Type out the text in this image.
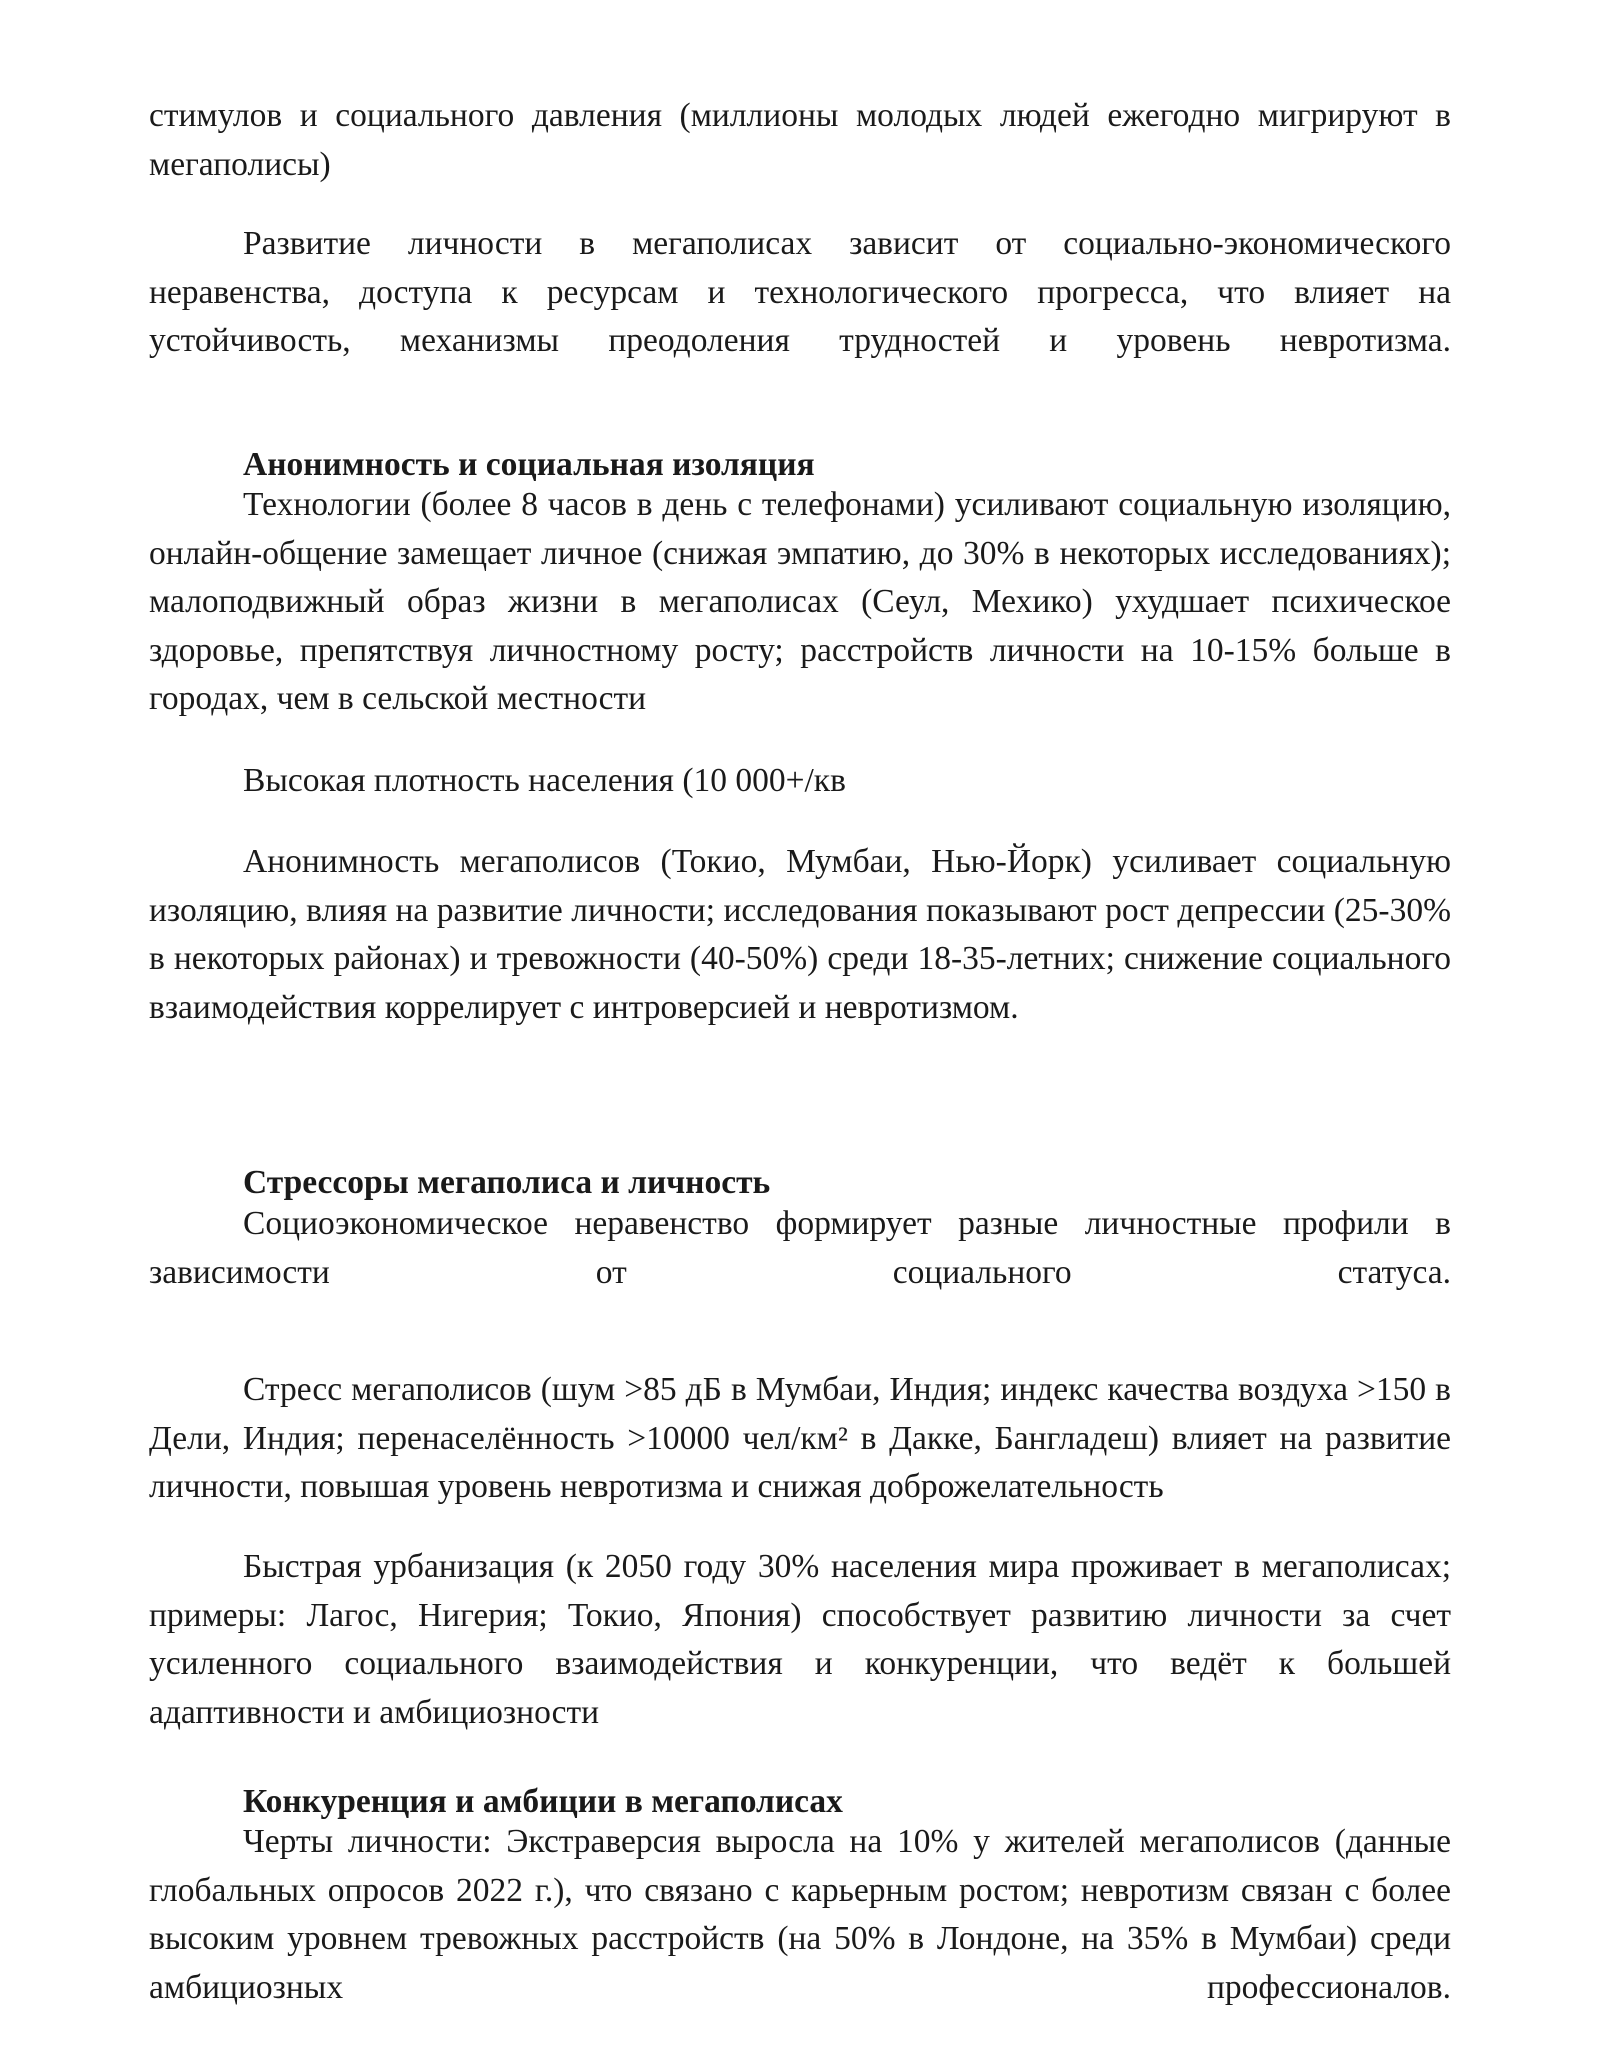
стимулов и социального давления (миллионы молодых людей ежегодно мигрируют в мегаполисы)

Развитие личности в мегаполисах зависит от социально-экономического неравенства, доступа к ресурсам и технологического прогресса, что влияет на устойчивость, механизмы преодоления трудностей и уровень невротизма.

Анонимность и социальная изоляция

Технологии (более 8 часов в день с телефонами) усиливают социальную изоляцию, онлайн-общение замещает личное (снижая эмпатию, до 30% в некоторых исследованиях); малоподвижный образ жизни в мегаполисах (Сеул, Мехико) ухудшает психическое здоровье, препятствуя личностному росту; расстройств личности на 10-15% больше в городах, чем в сельской местности

Высокая плотность населения (10 000+/кв

Анонимность мегаполисов (Токио, Мумбаи, Нью-Йорк) усиливает социальную изоляцию, влияя на развитие личности; исследования показывают рост депрессии (25-30% в некоторых районах) и тревожности (40-50%) среди 18-35-летних; снижение социального взаимодействия коррелирует с интроверсией и невротизмом.

Стрессоры мегаполиса и личность

Социоэкономическое неравенство формирует разные личностные профили в зависимости от социального статуса.

Стресс мегаполисов (шум >85 дБ в Мумбаи, Индия; индекс качества воздуха >150 в Дели, Индия; перенаселённость >10000 чел/км² в Дакке, Бангладеш) влияет на развитие личности, повышая уровень невротизма и снижая доброжелательность

Быстрая урбанизация (к 2050 году 30% населения мира проживает в мегаполисах; примеры: Лагос, Нигерия; Токио, Япония) способствует развитию личности за счет усиленного социального взаимодействия и конкуренции, что ведёт к большей адаптивности и амбициозности

Конкуренция и амбиции в мегаполисах

Черты личности: Экстраверсия выросла на 10% у жителей мегаполисов (данные глобальных опросов 2022 г.), что связано с карьерным ростом; невротизм связан с более высоким уровнем тревожных расстройств (на 50% в Лондоне, на 35% в Мумбаи) среди амбициозных профессионалов.
